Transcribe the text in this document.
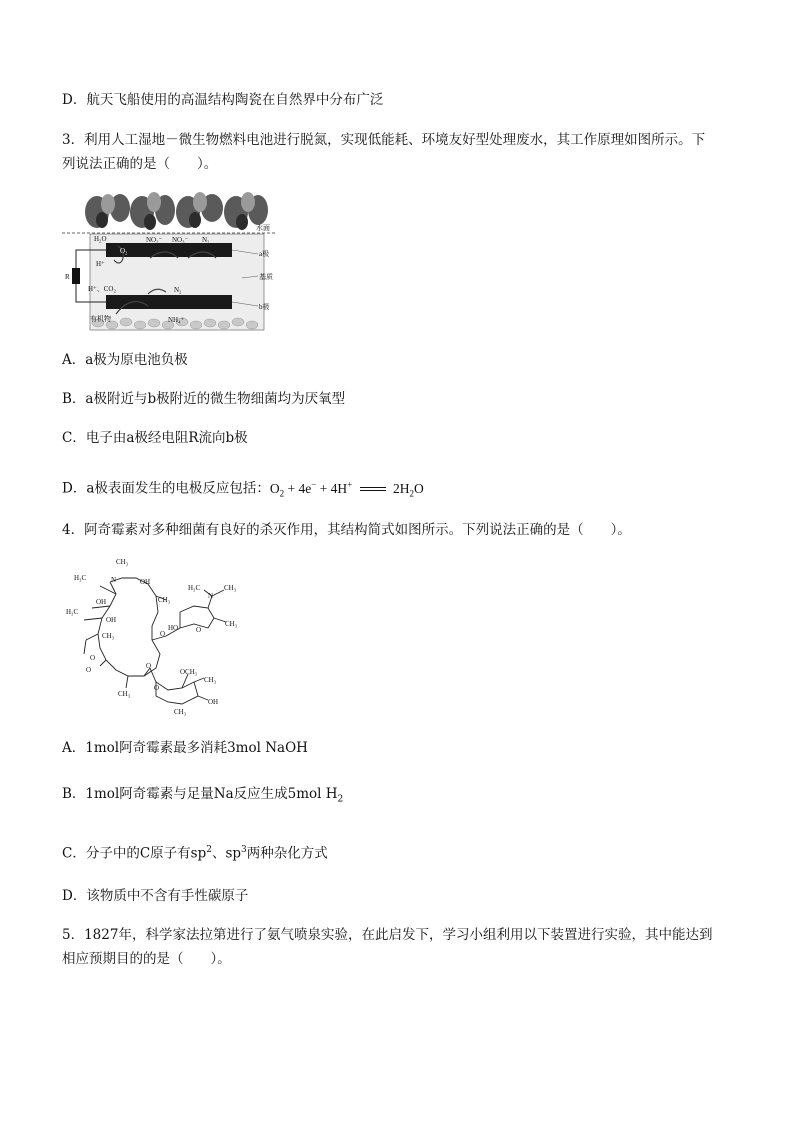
D．航天飞船使用的高温结构陶瓷在自然界中分布广泛
3．利用人工湿地－微生物燃料电池进行脱氮，实现低能耗、环境友好型处理废水，其工作原理如图所示。下
列说法正确的是（　　）。
水面
a极
基质
b极
R
H₂O
O₂
H⁺
NO₂⁻ NO₃⁻ N₂
H⁺、CO₂	N₂
有机物	NH₄⁺
A．a极为原电池负极
B．a极附近与b极附近的微生物细菌均为厌氧型
C．电子由a极经电阻R流向b极
D．a极表面发生的电极反应包括：$O_2 + 4e^- + 4H^+$	$2H_2O$
4．阿奇霉素对多种细菌有良好的杀灭作用，其结构简式如图所示。下列说法正确的是（　　）。
N
CH₃
H₃C
OH
H₃C
OH
O
O
CH₃
CH₃
OH
CH₃
O
HO	O
N
H₃C	CH₃
CH₃
O
O
OCH₃
CH₃
OH
CH₃
A．1mol阿奇霉素最多消耗3mol NaOH
B．1mol阿奇霉素与足量Na反应生成5mol $H_2$
C．分子中的C原子有$sp^2$、$sp^3$两种杂化方式
D．该物质中不含有手性碳原子
5．1827年，科学家法拉第进行了氨气喷泉实验，在此启发下，学习小组利用以下装置进行实验，其中能达到
相应预期目的的是（　　）。
